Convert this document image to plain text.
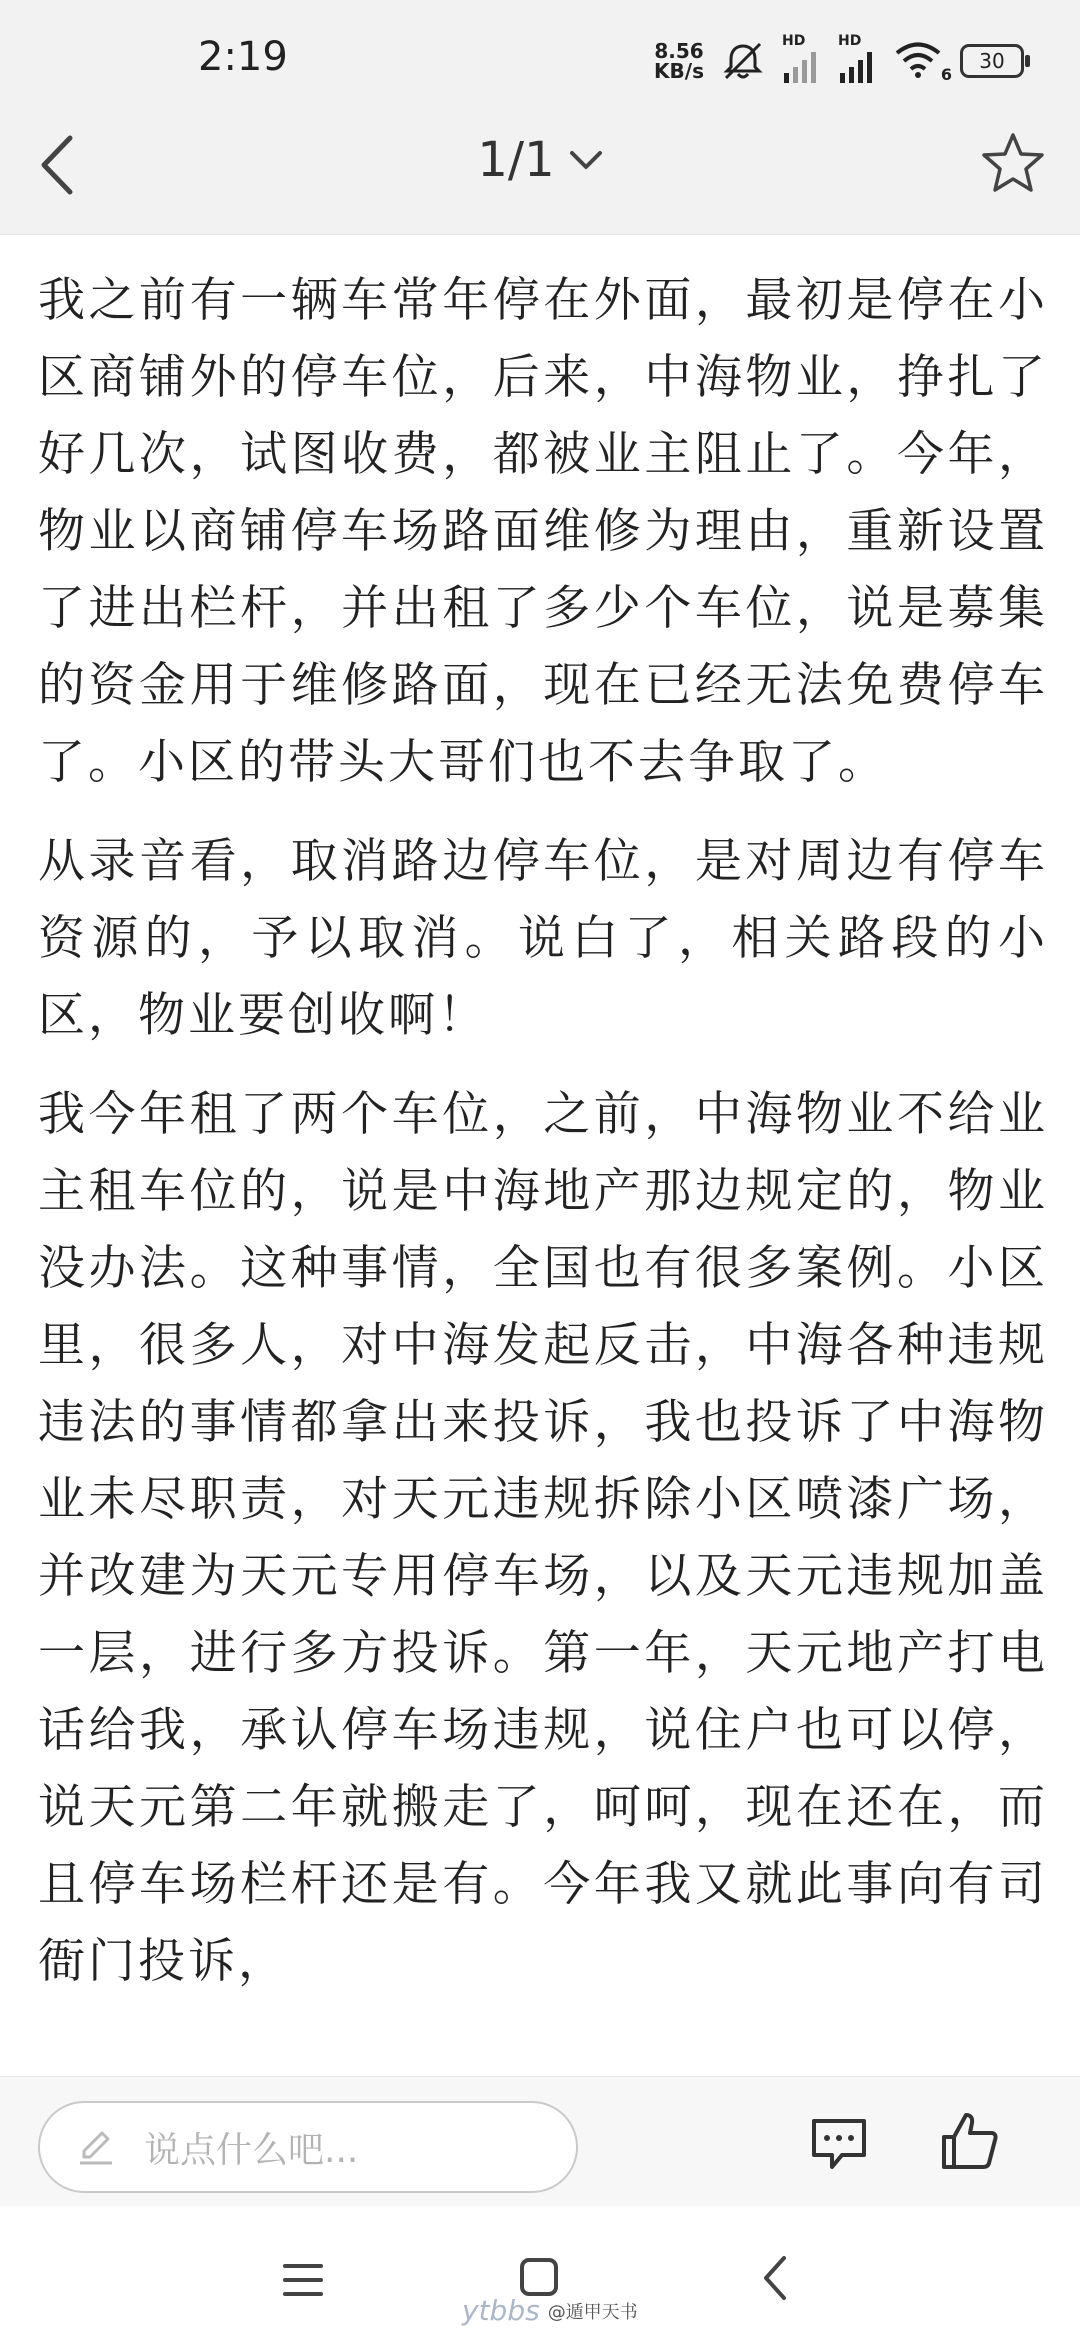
2:19	8.56
KB/s
HD HD
6
30
1/1

我之前有一辆车常年停在外面，最初是停在小区商铺外的停车位，后来，中海物业，挣扎了好几次，试图收费，都被业主阻止了。今年，物业以商铺停车场路面维修为理由，重新设置了进出栏杆，并出租了多少个车位，说是募集的资金用于维修路面，现在已经无法免费停车了。小区的带头大哥们也不去争取了。

从录音看，取消路边停车位，是对周边有停车资源的，予以取消。说白了，相关路段的小区，物业要创收啊！

我今年租了两个车位，之前，中海物业不给业主租车位的，说是中海地产那边规定的，物业没办法。这种事情，全国也有很多案例。小区里，很多人，对中海发起反击，中海各种违规违法的事情都拿出来投诉，我也投诉了中海物业未尽职责，对天元违规拆除小区喷漆广场，并改建为天元专用停车场，以及天元违规加盖一层，进行多方投诉。第一年，天元地产打电话给我，承认停车场违规，说住户也可以停，说天元第二年就搬走了，呵呵，现在还在，而且停车场栏杆还是有。今年我又就此事向有司衙门投诉，

说点什么吧...
ytbbs @遁甲天书
